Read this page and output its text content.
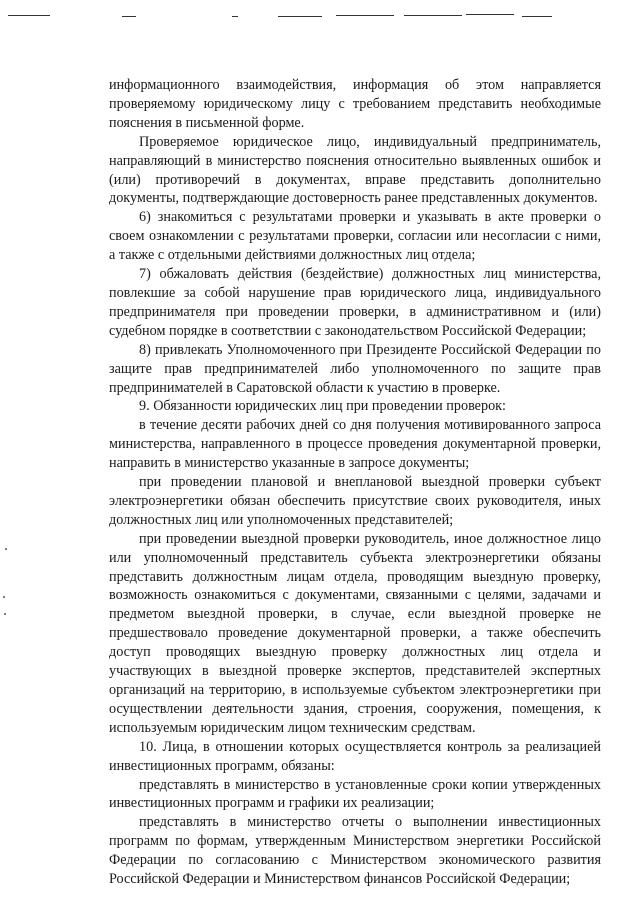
информационного взаимодействия, информация об этом направляется проверяемому юридическому лицу с требованием представить необходимые пояснения в письменной форме.

Проверяемое юридическое лицо, индивидуальный предприниматель, направляющий в министерство пояснения относительно выявленных ошибок и (или) противоречий в документах, вправе представить дополнительно документы, подтверждающие достоверность ранее представленных документов.

6) знакомиться с результатами проверки и указывать в акте проверки о своем ознакомлении с результатами проверки, согласии или несогласии с ними, а также с отдельными действиями должностных лиц отдела;

7) обжаловать действия (бездействие) должностных лиц министерства, повлекшие за собой нарушение прав юридического лица, индивидуального предпринимателя при проведении проверки, в административном и (или) судебном порядке в соответствии с законодательством Российской Федерации;

8) привлекать Уполномоченного при Президенте Российской Федерации по защите прав предпринимателей либо уполномоченного по защите прав предпринимателей в Саратовской области к участию в проверке.

9. Обязанности юридических лиц при проведении проверок:

в течение десяти рабочих дней со дня получения мотивированного запроса министерства, направленного в процессе проведения документарной проверки, направить в министерство указанные в запросе документы;

при проведении плановой и внеплановой выездной проверки субъект электроэнергетики обязан обеспечить присутствие своих руководителя, иных должностных лиц или уполномоченных представителей;

при проведении выездной проверки руководитель, иное должностное лицо или уполномоченный представитель субъекта электроэнергетики обязаны представить должностным лицам отдела, проводящим выездную проверку, возможность ознакомиться с документами, связанными с целями, задачами и предметом выездной проверки, в случае, если выездной проверке не предшествовало проведение документарной проверки, а также обеспечить доступ проводящих выездную проверку должностных лиц отдела и участвующих в выездной проверке экспертов, представителей экспертных организаций на территорию, в используемые субъектом электроэнергетики при осуществлении деятельности здания, строения, сооружения, помещения, к используемым юридическим лицом техническим средствам.

10. Лица, в отношении которых осуществляется контроль за реализацией инвестиционных программ, обязаны:

представлять в министерство в установленные сроки копии утвержденных инвестиционных программ и графики их реализации;

представлять в министерство отчеты о выполнении инвестиционных программ по формам, утвержденным Министерством энергетики Российской Федерации по согласованию с Министерством экономического развития Российской Федерации и Министерством финансов Российской Федерации;
